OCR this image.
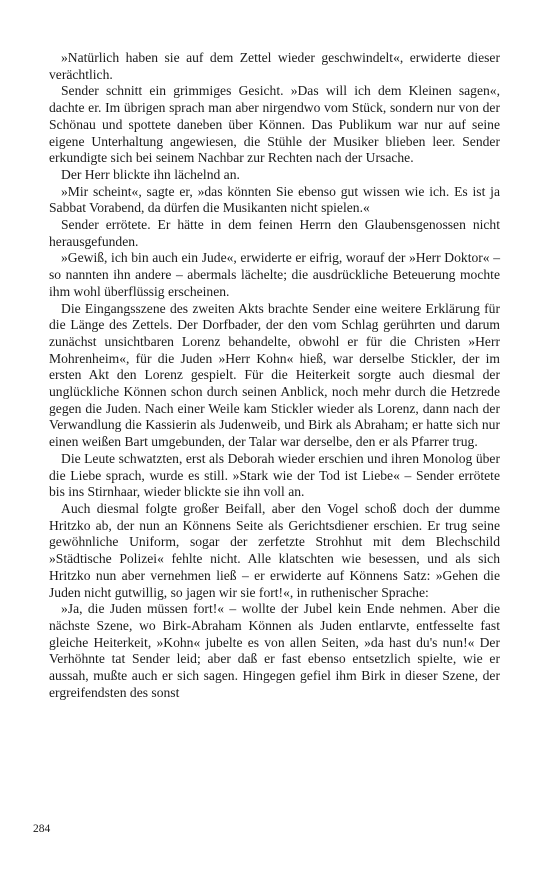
»Natürlich haben sie auf dem Zettel wieder geschwindelt«, erwiderte dieser verächtlich.

Sender schnitt ein grimmiges Gesicht. »Das will ich dem Kleinen sagen«, dachte er. Im übrigen sprach man aber nirgendwo vom Stück, sondern nur von der Schönau und spottete daneben über Können. Das Publikum war nur auf seine eigene Unterhaltung angewiesen, die Stühle der Musiker blieben leer. Sender erkundigte sich bei seinem Nachbar zur Rechten nach der Ursache.

Der Herr blickte ihn lächelnd an.

»Mir scheint«, sagte er, »das könnten Sie ebenso gut wissen wie ich. Es ist ja Sabbat Vorabend, da dürfen die Musikanten nicht spielen.«

Sender errötete. Er hätte in dem feinen Herrn den Glaubensgenossen nicht herausgefunden.

»Gewiß, ich bin auch ein Jude«, erwiderte er eifrig, worauf der »Herr Doktor« – so nannten ihn andere – abermals lächelte; die ausdrückliche Beteuerung mochte ihm wohl überflüssig erscheinen.

Die Eingangsszene des zweiten Akts brachte Sender eine weitere Erklärung für die Länge des Zettels. Der Dorfbader, der den vom Schlag gerührten und darum zunächst unsichtbaren Lorenz behandelte, obwohl er für die Christen »Herr Mohrenheim«, für die Juden »Herr Kohn« hieß, war derselbe Stickler, der im ersten Akt den Lorenz gespielt. Für die Heiterkeit sorgte auch diesmal der unglückliche Können schon durch seinen Anblick, noch mehr durch die Hetzrede gegen die Juden. Nach einer Weile kam Stickler wieder als Lorenz, dann nach der Verwandlung die Kassierin als Judenweib, und Birk als Abraham; er hatte sich nur einen weißen Bart umgebunden, der Talar war derselbe, den er als Pfarrer trug.

Die Leute schwatzten, erst als Deborah wieder erschien und ihren Monolog über die Liebe sprach, wurde es still. »Stark wie der Tod ist Liebe« – Sender errötete bis ins Stirnhaar, wieder blickte sie ihn voll an.

Auch diesmal folgte großer Beifall, aber den Vogel schoß doch der dumme Hritzko ab, der nun an Könnens Seite als Gerichtsdiener erschien. Er trug seine gewöhnliche Uniform, sogar der zerfetzte Strohhut mit dem Blechschild »Städtische Polizei« fehlte nicht. Alle klatschten wie besessen, und als sich Hritzko nun aber vernehmen ließ – er erwiderte auf Könnens Satz: »Gehen die Juden nicht gutwillig, so jagen wir sie fort!«, in ruthenischer Sprache:

»Ja, die Juden müssen fort!« – wollte der Jubel kein Ende nehmen. Aber die nächste Szene, wo Birk-Abraham Können als Juden entlarvte, entfesselte fast gleiche Heiterkeit, »Kohn« jubelte es von allen Seiten, »da hast du's nun!« Der Verhöhnte tat Sender leid; aber daß er fast ebenso entsetzlich spielte, wie er aussah, mußte auch er sich sagen. Hingegen gefiel ihm Birk in dieser Szene, der ergreifendsten des sonst

284
